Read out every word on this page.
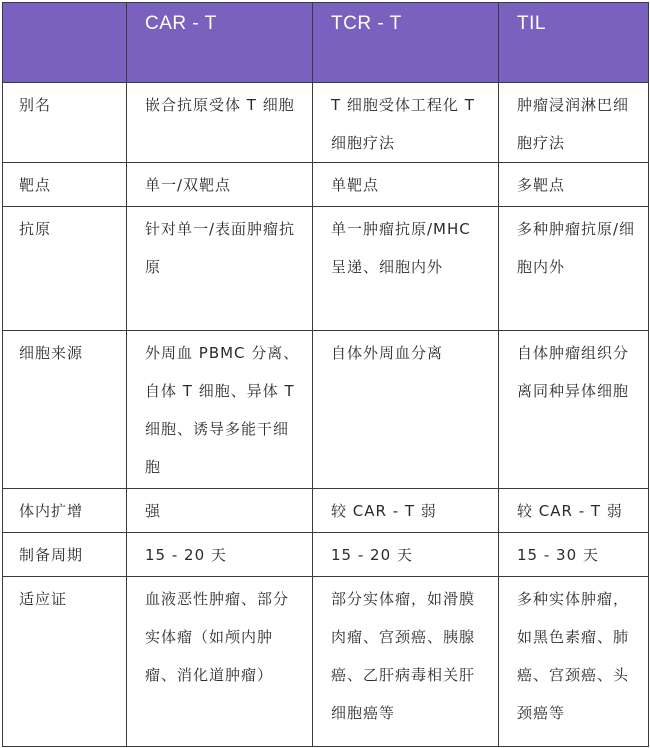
	CAR - T	TCR - T	TIL
别名	嵌合抗原受体 T 细胞	T 细胞受体工程化 T 细胞疗法	肿瘤浸润淋巴细胞疗法

靶点	单一/双靶点	单靶点	多靶点

抗原	针对单一/表面肿瘤抗原	单一肿瘤抗原/MHC 呈递、细胞内外	多种肿瘤抗原/细胞内外

细胞来源	外周血 PBMC 分离、自体 T 细胞、异体 T 细胞、诱导多能干细胞	自体外周血分离	自体肿瘤组织分离同种异体细胞

体内扩增	强	较 CAR - T 弱	较 CAR - T 弱

制备周期	15 - 20 天	15 - 20 天	15 - 30 天

适应证	血液恶性肿瘤、部分实体瘤（如颅内肿瘤、消化道肿瘤）	部分实体瘤，如滑膜肉瘤、宫颈癌、胰腺癌、乙肝病毒相关肝细胞癌等	多种实体肿瘤，如黑色素瘤、肺癌、宫颈癌、头颈癌等
